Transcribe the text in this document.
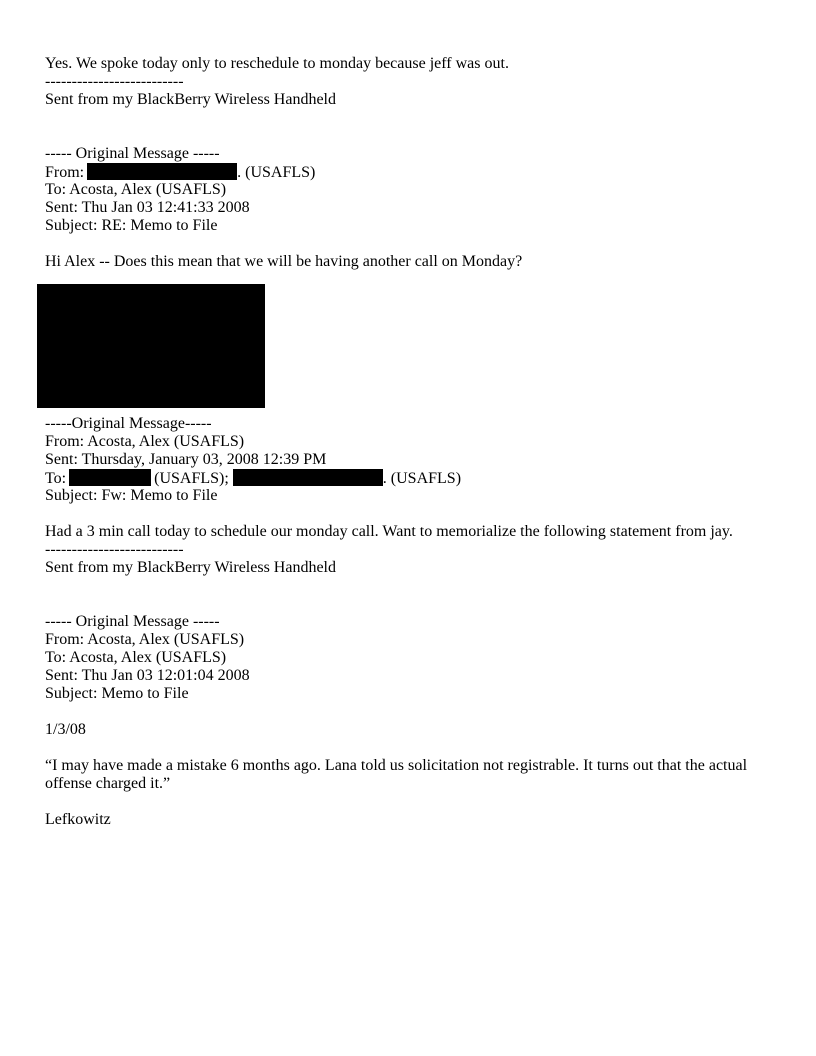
Yes. We spoke today only to reschedule to monday because jeff was out.
--------------------------
Sent from my BlackBerry Wireless Handheld
----- Original Message -----
From:	. (USAFLS)
To: Acosta, Alex (USAFLS)
Sent: Thu Jan 03 12:41:33 2008
Subject: RE: Memo to File
Hi Alex -- Does this mean that we will be having another call on Monday?
-----Original Message-----
From: Acosta, Alex (USAFLS)
Sent: Thursday, January 03, 2008 12:39 PM
To:	(USAFLS);	. (USAFLS)
Subject: Fw: Memo to File
Had a 3 min call today to schedule our monday call. Want to memorialize the following statement from jay.
--------------------------
Sent from my BlackBerry Wireless Handheld
----- Original Message -----
From: Acosta, Alex (USAFLS)
To: Acosta, Alex (USAFLS)
Sent: Thu Jan 03 12:01:04 2008
Subject: Memo to File
1/3/08
“I may have made a mistake 6 months ago. Lana told us solicitation not registrable. It turns out that the actual offense charged it.”
Lefkowitz
